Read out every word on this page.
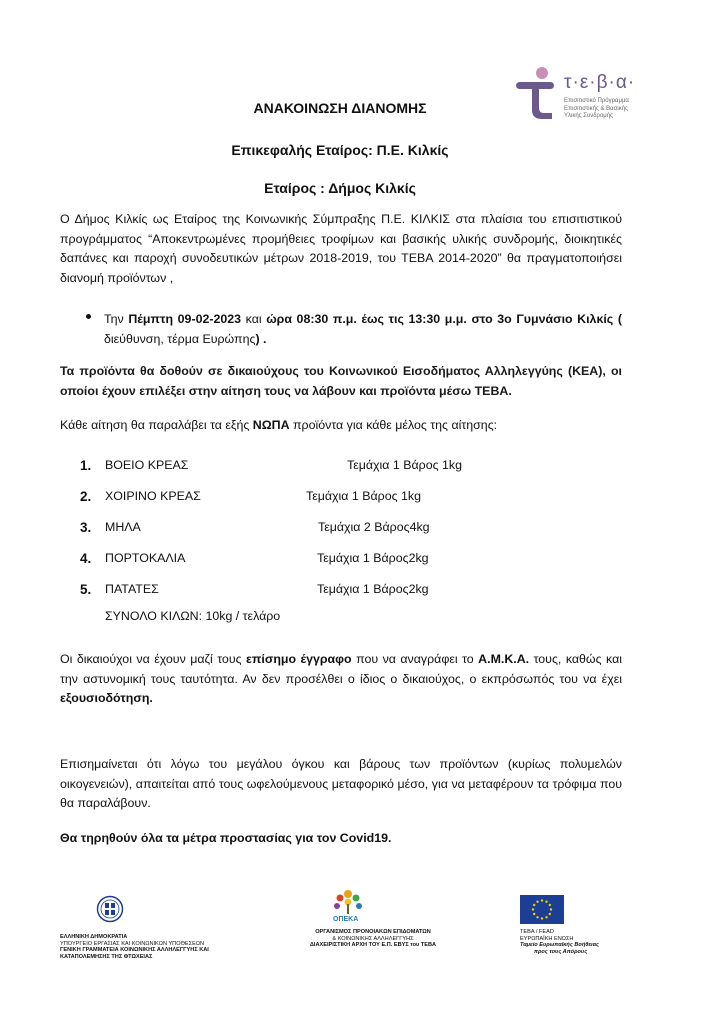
τ·ε·β·α·
Επισιτιστικό Πρόγραμμα
Επισιτιστικής & Βασικής
Υλικής Συνδρομής
ΑΝΑΚΟΙΝΩΣΗ ΔΙΑΝΟΜΗΣ
Επικεφαλής Εταίρος: Π.Ε. Κιλκίς
Εταίρος : Δήμος Κιλκίς
Ο Δήμος Κιλκίς ως Εταίρος της Κοινωνικής Σύμπραξης Π.Ε. ΚΙΛΚΙΣ στα πλαίσια του επισιτιστικού προγράμματος “Αποκεντρωμένες προμήθειες τροφίμων και βασικής υλικής συνδρομής, διοικητικές δαπάνες και παροχή συνοδευτικών μέτρων 2018-2019, του ΤΕΒΑ 2014-2020” θα πραγματοποιήσει διανομή προϊόντων ,
Την Πέμπτη 09-02-2023 και ώρα 08:30 π.μ. έως τις 13:30 μ.μ. στο 3ο Γυμνάσιο Κιλκίς ( διεύθυνση, τέρμα Ευρώπης) .
Τα προϊόντα θα δοθούν σε δικαιούχους του Κοινωνικού Εισοδήματος Αλληλεγγύης (ΚΕΑ), οι οποίοι έχουν επιλέξει στην αίτηση τους να λάβουν και προϊόντα μέσω ΤΕΒΑ.
Κάθε αίτηση θα παραλάβει τα εξής ΝΩΠΑ προϊόντα για κάθε μέλος της αίτησης:
1. ΒΟΕΙΟ ΚΡΕΑΣ	Τεμάχια 1 Βάρος 1kg
2. ΧΟΙΡΙΝΟ ΚΡΕΑΣ	Τεμάχια 1 Βάρος 1kg
3. ΜΗΛΑ	Τεμάχια 2 Βάρος4kg
4. ΠΟΡΤΟΚΑΛΙΑ	Τεμάχια 1 Βάρος2kg
5. ΠΑΤΑΤΕΣ	Τεμάχια 1 Βάρος2kg
ΣΥΝΟΛΟ ΚΙΛΩΝ: 10kg / τελάρο
Οι δικαιούχοι να έχουν μαζί τους επίσημο έγγραφο που να αναγράφει το Α.Μ.Κ.Α. τους, καθώς και την αστυνομική τους ταυτότητα. Αν δεν προσέλθει ο ίδιος ο δικαιούχος, ο εκπρόσωπός του να έχει εξουσιοδότηση.
Επισημαίνεται ότι λόγω του μεγάλου όγκου και βάρους των προϊόντων (κυρίως πολυμελών οικογενειών), απαιτείται από τους ωφελούμενους μεταφορικό μέσο, για να μεταφέρουν τα τρόφιμα που θα παραλάβουν.
Θα τηρηθούν όλα τα μέτρα προστασίας για τον Covid19.
ΕΛΛΗΝΙΚΗ ΔΗΜΟΚΡΑΤΙΑ
ΥΠΟΥΡΓΕΙΟ ΕΡΓΑΣΙΑΣ ΚΑΙ ΚΟΙΝΩΝΙΚΩΝ ΥΠΟΘΕΣΕΩΝ
ΓΕΝΙΚΗ ΓΡΑΜΜΑΤΕΙΑ ΚΟΙΝΩΝΙΚΗΣ ΑΛΛΗΛΕΓΓΥΗΣ ΚΑΙ
ΚΑΤΑΠΟΛΕΜΗΣΗΣ ΤΗΣ ΦΤΩΧΕΙΑΣ
ΟΠΕΚΑ
ΟΡΓΑΝΙΣΜΟΣ ΠΡΟΝΟΙΑΚΩΝ ΕΠΙΔΟΜΑΤΩΝ
& ΚΟΙΝΩΝΙΚΗΣ ΑΛΛΗΛΕΓΓΥΗΣ
ΔΙΑΧΕΙΡΙΣΤΙΚΗ ΑΡΧΗ ΤΟΥ Ε.Π. ΕΒΥΣ του ΤΕΒΑ
ΤΕΒΑ / FEAD
ΕΥΡΩΠΑΪΚΗ ΕΝΩΣΗ
Ταμείο Ευρωπαϊκής Βοήθειας
προς τους Απόρους
